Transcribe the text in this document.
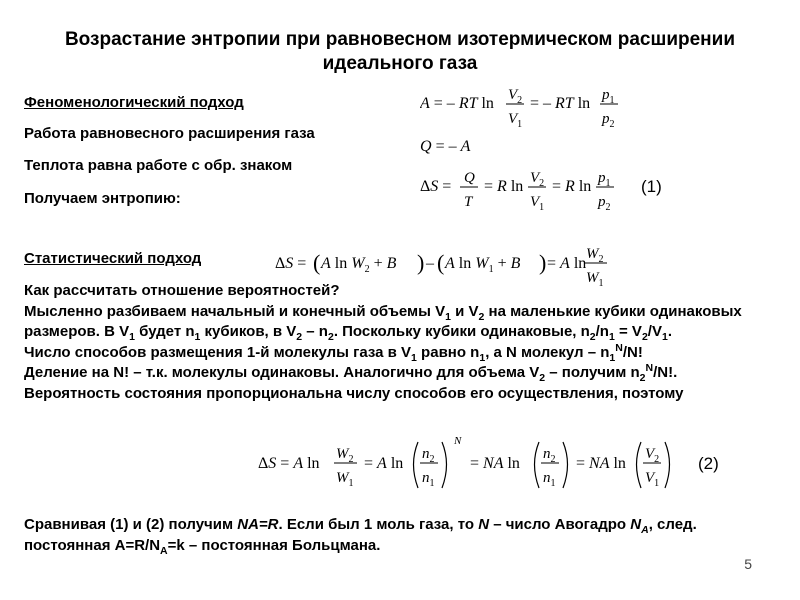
Возрастание энтропии при равновесном изотермическом расширении идеального газа
Феноменологический подход
Работа равновесного расширения газа
Теплота равна работе с обр. знаком
Получаем энтропию:
A = – RT $\ln V_2$
$V_1$
= – RT $\ln p_1$
$p_2$
Q = – A
ΔS = Q
T
= R $\ln V_2$
$V_1$
= R $\ln p_1$
$p_2$
(1)
Статистический подход	ΔS = ( A $\ln W_2 + B$ ) – ( A $\ln W_1 + B$ ) = A ln
$W_2$
$W_1$

Как рассчитать отношение вероятностей?

Мысленно разбиваем начальный и конечный объемы $V_1$ и $V_2$ на маленькие кубики одинаковых размеров. В $V_1$ будет $n_1$ кубиков, в $V_2 - n_2$. Поскольку кубики одинаковые, $n_2/n_1 = V_2/V_1$.

Число способов размещения 1-й молекулы газа в $V_1$ равно $n_1$, а N молекул – $n_1^N/N$!

Деление на N! – т.к. молекулы одинаковы. Аналогично для объема $V_2$ – получим $n_2^N/N$!. Вероятность состояния пропорциональна числу способов его осуществления, поэтому

ΔS = A ln
$W_2$
$W_1$
= A ln
$n_2$
$n_1$
N
= NA ln
$n_2$
$n_1$
= NA ln
$V_2$
$V_1$
(2)

Сравнивая (1) и (2) получим NA=R. Если был 1 моль газа, то N – число Авогадро $N_A$, след. постоянная $A=R/N_A=k$ – постоянная Больцмана.

5
